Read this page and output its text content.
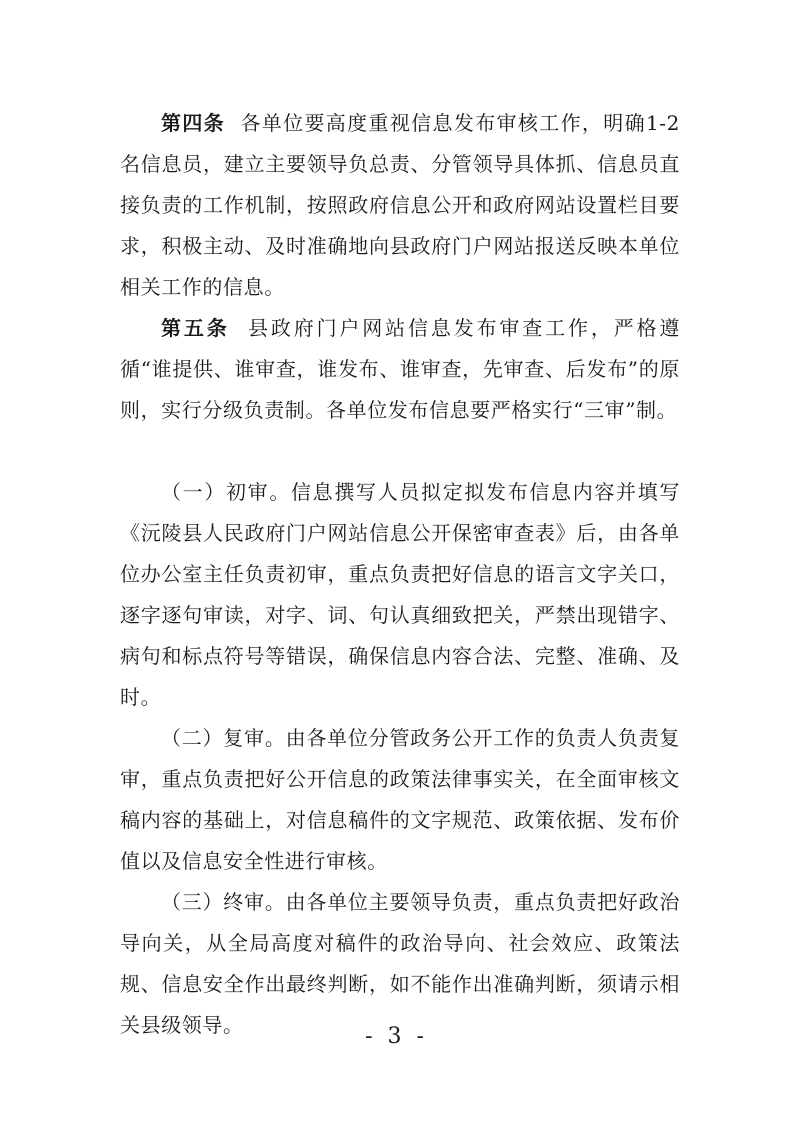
第四条 各单位要高度重视信息发布审核工作，明确1-2名信息员，建立主要领导负总责、分管领导具体抓、信息员直接负责的工作机制，按照政府信息公开和政府网站设置栏目要求，积极主动、及时准确地向县政府门户网站报送反映本单位相关工作的信息。

第五条 县政府门户网站信息发布审查工作，严格遵循“谁提供、谁审查，谁发布、谁审查，先审查、后发布”的原则，实行分级负责制。各单位发布信息要严格实行“三审”制。

（一）初审。信息撰写人员拟定拟发布信息内容并填写《沅陵县人民政府门户网站信息公开保密审查表》后，由各单位办公室主任负责初审，重点负责把好信息的语言文字关口，逐字逐句审读，对字、词、句认真细致把关，严禁出现错字、病句和标点符号等错误，确保信息内容合法、完整、准确、及时。

（二）复审。由各单位分管政务公开工作的负责人负责复审，重点负责把好公开信息的政策法律事实关，在全面审核文稿内容的基础上，对信息稿件的文字规范、政策依据、发布价值以及信息安全性进行审核。

（三）终审。由各单位主要领导负责，重点负责把好政治导向关，从全局高度对稿件的政治导向、社会效应、政策法规、信息安全作出最终判断，如不能作出准确判断，须请示相关县级领导。	- 3 -
